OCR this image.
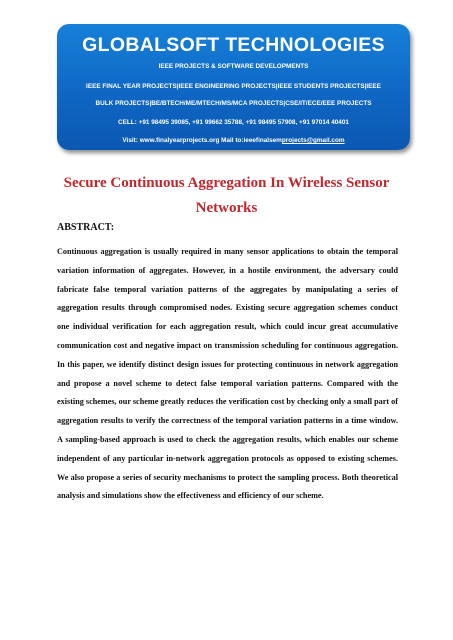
GLOBALSOFT TECHNOLOGIES
IEEE PROJECTS & SOFTWARE DEVELOPMENTS
IEEE FINAL YEAR PROJECTS|IEEE ENGINEERING PROJECTS|IEEE STUDENTS PROJECTS|IEEE
BULK PROJECTS|BE/BTECH/ME/MTECH/MS/MCA PROJECTS|CSE/IT/ECE/EEE PROJECTS
CELL: +91 98495 39085, +91 99662 35788, +91 98495 57908, +91 97014 40401
Visit: www.finalyearprojects.org Mail to:ieeefinalsemprojects@gmail.com
Secure Continuous Aggregation In Wireless Sensor
Networks
ABSTRACT:

Continuous aggregation is usually required in many sensor applications to obtain the temporal variation information of aggregates. However, in a hostile environment, the adversary could fabricate false temporal variation patterns of the aggregates by manipulating a series of aggregation results through compromised nodes. Existing secure aggregation schemes conduct one individual verification for each aggregation result, which could incur great accumulative communication cost and negative impact on transmission scheduling for continuous aggregation. In this paper, we identify distinct design issues for protecting continuous in network aggregation and propose a novel scheme to detect false temporal variation patterns. Compared with the existing schemes, our scheme greatly reduces the verification cost by checking only a small part of aggregation results to verify the correctness of the temporal variation patterns in a time window. A sampling-based approach is used to check the aggregation results, which enables our scheme independent of any particular in-network aggregation protocols as opposed to existing schemes. We also propose a series of security mechanisms to protect the sampling process. Both theoretical analysis and simulations show the effectiveness and efficiency of our scheme.
